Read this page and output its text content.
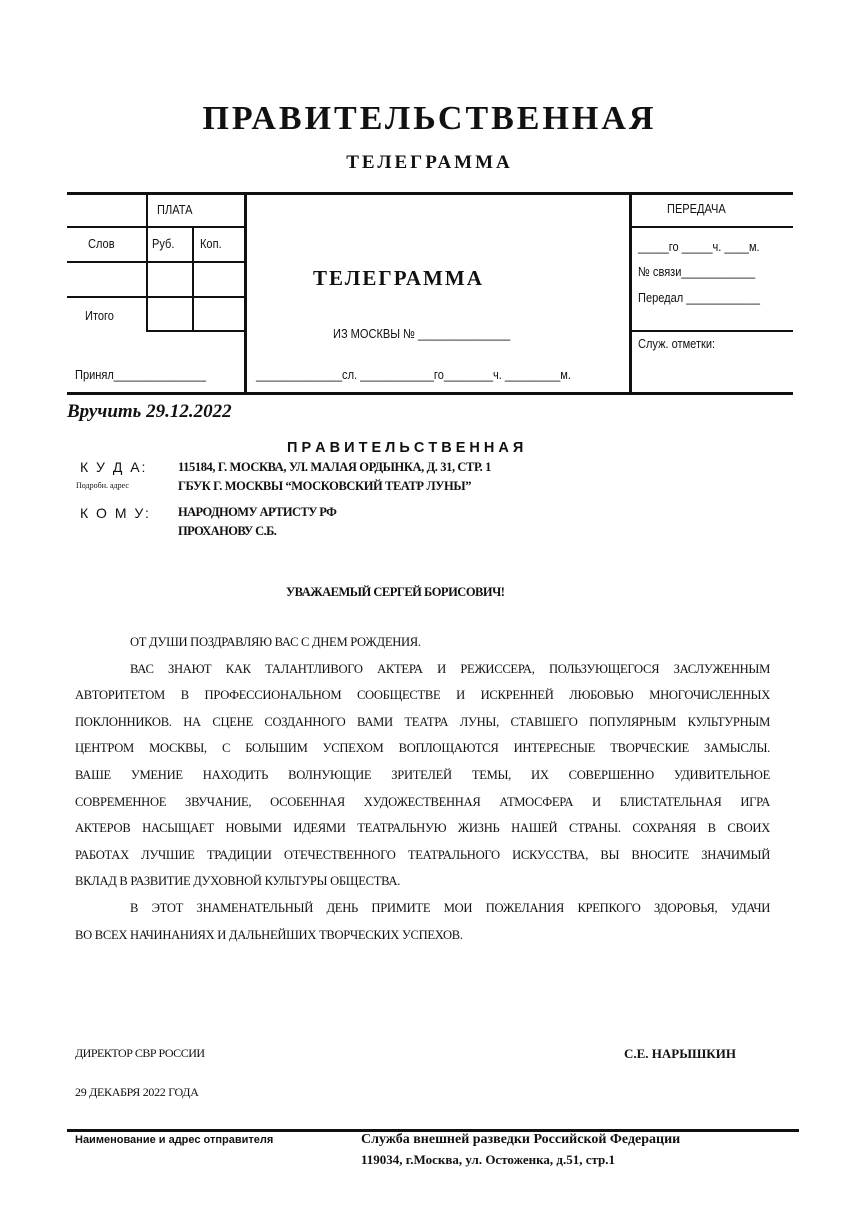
ПРАВИТЕЛЬСТВЕННАЯ
ТЕЛЕГРАММА
ПЛАТА
Слов	Руб. Коп.
Итого
Принял_______________
ТЕЛЕГРАММА
ИЗ МОСКВЫ № _______________
______________сл. ____________го________ч. _________м.
ПЕРЕДАЧА
_____го _____ч. ____м.
№ связи____________
Передал ____________
Служ. отметки:
Вручить 29.12.2022
П Р А В И Т Е Л Ь С Т В Е Н Н А Я
К У Д А:
Подробн. адрес
115184, Г. МОСКВА, УЛ. МАЛАЯ ОРДЫНКА, Д. 31, СТР. 1
ГБУК Г. МОСКВЫ “МОСКОВСКИЙ ТЕАТР ЛУНЫ”
К О М У: НАРОДНОМУ АРТИСТУ РФ
ПРОХАНОВУ С.Б.
УВАЖАЕМЫЙ СЕРГЕЙ БОРИСОВИЧ!
ОТ ДУШИ ПОЗДРАВЛЯЮ ВАС С ДНЕМ РОЖДЕНИЯ.
ВАС ЗНАЮТ КАК ТАЛАНТЛИВОГО АКТЕРА И РЕЖИССЕРА, ПОЛЬЗУЮЩЕГОСЯ ЗАСЛУЖЕННЫМ
АВТОРИТЕТОМ В ПРОФЕССИОНАЛЬНОМ СООБЩЕСТВЕ И ИСКРЕННЕЙ ЛЮБОВЬЮ МНОГОЧИСЛЕННЫХ
ПОКЛОННИКОВ. НА СЦЕНЕ СОЗДАННОГО ВАМИ ТЕАТРА ЛУНЫ, СТАВШЕГО ПОПУЛЯРНЫМ КУЛЬТУРНЫМ
ЦЕНТРОМ МОСКВЫ, С БОЛЬШИМ УСПЕХОМ ВОПЛОЩАЮТСЯ ИНТЕРЕСНЫЕ ТВОРЧЕСКИЕ ЗАМЫСЛЫ.
ВАШЕ УМЕНИЕ НАХОДИТЬ ВОЛНУЮЩИЕ ЗРИТЕЛЕЙ ТЕМЫ, ИХ СОВЕРШЕННО УДИВИТЕЛЬНОЕ
СОВРЕМЕННОЕ ЗВУЧАНИЕ, ОСОБЕННАЯ ХУДОЖЕСТВЕННАЯ АТМОСФЕРА И БЛИСТАТЕЛЬНАЯ ИГРА
АКТЕРОВ НАСЫЩАЕТ НОВЫМИ ИДЕЯМИ ТЕАТРАЛЬНУЮ ЖИЗНЬ НАШЕЙ СТРАНЫ. СОХРАНЯЯ В СВОИХ
РАБОТАХ ЛУЧШИЕ ТРАДИЦИИ ОТЕЧЕСТВЕННОГО ТЕАТРАЛЬНОГО ИСКУССТВА, ВЫ ВНОСИТЕ ЗНАЧИМЫЙ
ВКЛАД В РАЗВИТИЕ ДУХОВНОЙ КУЛЬТУРЫ ОБЩЕСТВА.
В ЭТОТ ЗНАМЕНАТЕЛЬНЫЙ ДЕНЬ ПРИМИТЕ МОИ ПОЖЕЛАНИЯ КРЕПКОГО ЗДОРОВЬЯ, УДАЧИ
ВО ВСЕХ НАЧИНАНИЯХ И ДАЛЬНЕЙШИХ ТВОРЧЕСКИХ УСПЕХОВ.
ДИРЕКТОР СВР РОССИИ	С.Е. НАРЫШКИН
29 ДЕКАБРЯ 2022 ГОДА
Наименование и адрес отправителя	Служба внешней разведки Российской Федерации
119034, г.Москва, ул. Остоженка, д.51, стр.1
